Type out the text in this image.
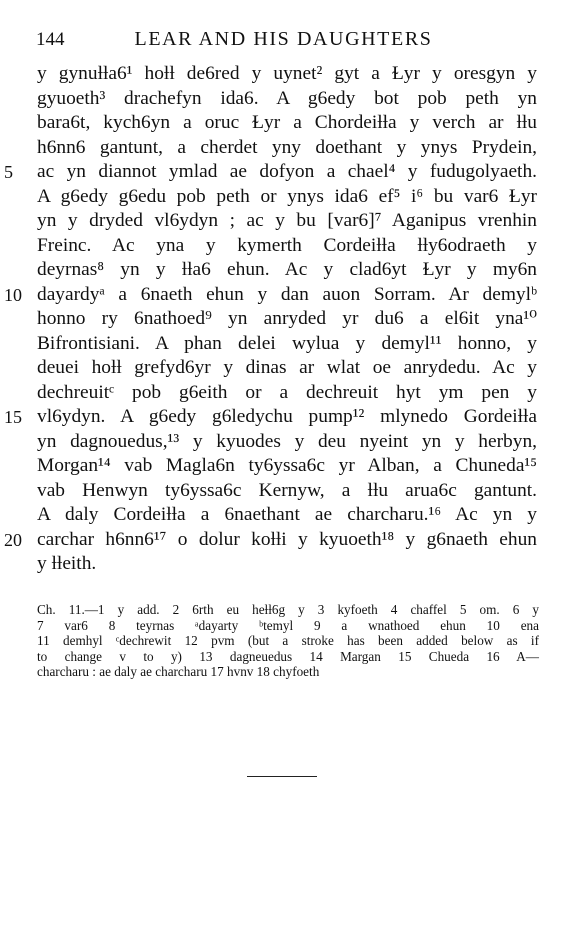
144	LEAR AND HIS DAUGHTERS
y gynuƚƚa6¹ hoƚƚ de6red y uynet² gyt a Ɫyr y oresgyn y
gyuoeth³ drachefyn ida6. A g6edy bot pob peth yn
bara6t, kych6yn a oruc Ɫyr a Chordeiƚƚa y verch ar ƚƚu
h6nn6 gantunt, a cherdet yny doethant y ynys Prydein,
5	ac yn diannot ymlad ae dofyon a chael⁴ y fudugolyaeth.
A g6edy g6edu pob peth or ynys ida6 ef⁵ i⁶ bu var6 Ɫyr
yn y dryded vl6ydyn ; ac y bu [var6]⁷ Aganipus vrenhin
Freinc. Ac yna y kymerth Cordeiƚƚa ƚƚy6odraeth y
deyrnas⁸ yn y ƚƚa6 ehun. Ac y clad6yt Ɫyr y my6n
10 dayardyᵃ a 6naeth ehun y dan auon Sorram. Ar demylᵇ
honno ry 6nathoed⁹ yn anryded yr du6 a el6it yna¹⁰
Bifrontisiani. A phan delei wylua y demyl¹¹ honno, y
deuei hoƚƚ grefyd6yr y dinas ar wlat oe anrydedu. Ac y
dechreuitᶜ pob g6eith or a dechreuit hyt ym pen y
15 vl6ydyn. A g6edy g6ledychu pump¹² mlynedo Gordeiƚƚa
yn dagnouedus,¹³ y kyuodes y deu nyeint yn y herbyn,
Morgan¹⁴ vab Magla6n ty6yssa6c yr Alban, a Chuneda¹⁵
vab Henwyn ty6yssa6c Kernyw, a ƚƚu arua6c gantunt.
A daly Cordeiƚƚa a 6naethant ae charcharu.¹⁶ Ac yn y
20 carchar h6nn6¹⁷ o dolur koƚƚi y kyuoeth¹⁸ y g6naeth ehun
y ƚƚeith.
Ch. 11.—1 y add. 2 6rth eu heƚƚ6g y 3 kyfoeth 4 chaffel 5 om. 6 y
7 var6 8 teyrnas ᵃdayarty ᵇtemyl 9 a wnathoed ehun 10 ena
11 demhyl ᶜdechrewit 12 pvm (but a stroke has been added below as if
to change v to y) 13 dagneuedus 14 Margan 15 Chueda 16 A—
charcharu : ae daly ae charcharu 17 hvnv 18 chyfoeth
